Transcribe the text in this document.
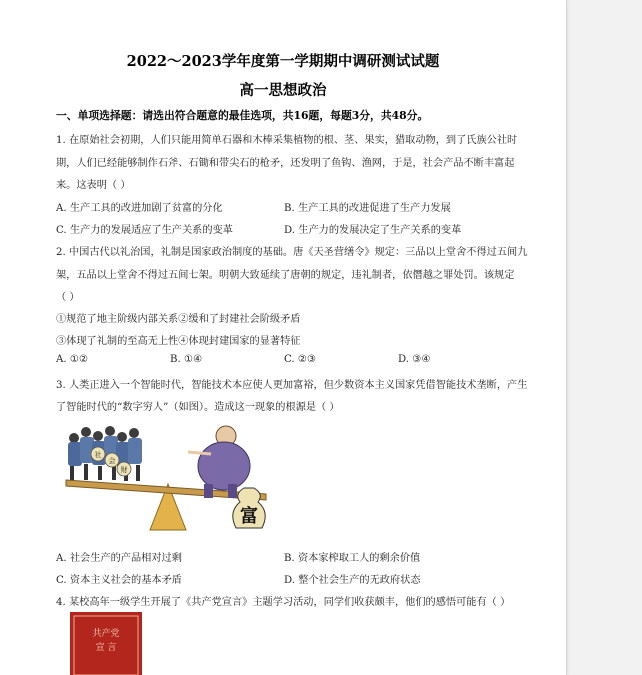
2022～2023学年度第一学期期中调研测试试题
高一思想政治
一、单项选择题：请选出符合题意的最佳选项，共16题，每题3分，共48分。
1. 在原始社会初期，人们只能用简单石器和木棒采集植物的根、茎、果实，猎取动物，到了氏族公社时
期，人们已经能够制作石斧、石锄和带尖石的枪矛，还发明了鱼钩、渔网，于是，社会产品不断丰富起
来。这表明（ ）
A. 生产工具的改进加剧了贫富的分化	B. 生产工具的改进促进了生产力发展
C. 生产力的发展适应了生产关系的变革	D. 生产力的发展决定了生产关系的变革
2. 中国古代以礼治国，礼制是国家政治制度的基础。唐《天圣营缮令》规定：三品以上堂舍不得过五间九
架，五品以上堂舍不得过五间七架。明朝大致延续了唐朝的规定，违礼制者，依僭越之罪处罚。该规定
（ ）
①规范了地主阶级内部关系②缓和了封建社会阶级矛盾
③体现了礼制的至高无上性④体现封建国家的显著特征
A. ①②	B. ①④	C. ②③	D. ③④
3. 人类正进入一个智能时代，智能技术本应使人更加富裕，但少数资本主义国家凭借智能技术垄断，产生
了智能时代的“数字穷人”（如图）。造成这一现象的根源是（ ）
社
会
财
富
A. 社会生产的产品相对过剩	B. 资本家榨取工人的剩余价值
C. 资本主义社会的基本矛盾	D. 整个社会生产的无政府状态
4. 某校高年一级学生开展了《共产党宣言》主题学习活动，同学们收获颇丰，他们的感悟可能有（ ）
共产党
宣 言
